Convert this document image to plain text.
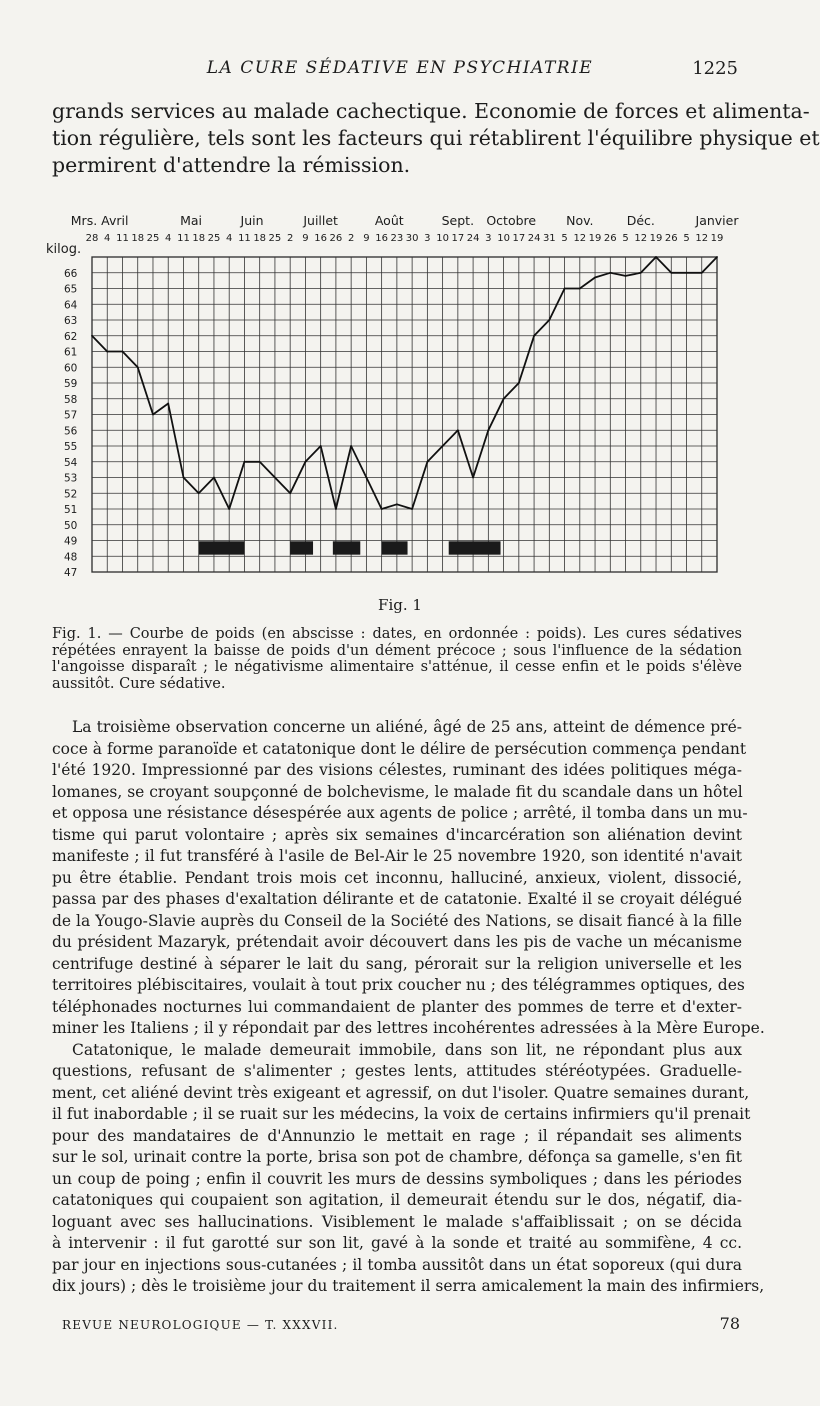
LA CURE SÉDATIVE EN PSYCHIATRIE	1225

grands services au malade cachectique. Economie de forces et alimenta-
tion régulière, tels sont les facteurs qui rétablirent l'équilibre physique et
permirent d'attendre la rémission.

Mrs. Avril	Mai	Juin	Juillet	Août	Sept. Octobre Nov.	Déc.	Janvier
28 4 11 18 25 4 11 18 25 4 11 18 25 2 9 16 26 2 9 16 23 30 3 10 17 24 3 10 17 24 31 5 12 19 26 5 12 19 26 5 12 19
kilog.
66
65
64
63
62
61
60
59
58
57
56
55
54
53
52
51
50
49
48
47
Fig. 1

Fig. 1. — Courbe de poids (en abscisse : dates, en ordonnée : poids). Les cures sédatives répétées enrayent la baisse de poids d'un dément précoce ; sous l'influence de la sédation l'angoisse disparaît ; le négativisme alimentaire s'atténue, il cesse enfin et le poids s'élève aussitôt. Cure sédative.

La troisième observation concerne un aliéné, âgé de 25 ans, atteint de démence pré-
coce à forme paranoïde et catatonique dont le délire de persécution commença pendant
l'été 1920. Impressionné par des visions célestes, ruminant des idées politiques méga-
lomanes, se croyant soupçonné de bolchevisme, le malade fit du scandale dans un hôtel
et opposa une résistance désespérée aux agents de police ; arrêté, il tomba dans un mu-
tisme qui parut volontaire ; après six semaines d'incarcération son aliénation devint
manifeste ; il fut transféré à l'asile de Bel-Air le 25 novembre 1920, son identité n'avait
pu être établie. Pendant trois mois cet inconnu, halluciné, anxieux, violent, dissocié,
passa par des phases d'exaltation délirante et de catatonie. Exalté il se croyait délégué
de la Yougo-Slavie auprès du Conseil de la Société des Nations, se disait fiancé à la fille
du président Mazaryk, prétendait avoir découvert dans les pis de vache un mécanisme
centrifuge destiné à séparer le lait du sang, pérorait sur la religion universelle et les
territoires plébiscitaires, voulait à tout prix coucher nu ; des télégrammes optiques, des
téléphonades nocturnes lui commandaient de planter des pommes de terre et d'exter-
miner les Italiens ; il y répondait par des lettres incohérentes adressées à la Mère Europe.
Catatonique, le malade demeurait immobile, dans son lit, ne répondant plus aux
questions, refusant de s'alimenter ; gestes lents, attitudes stéréotypées. Graduelle-
ment, cet aliéné devint très exigeant et agressif, on dut l'isoler. Quatre semaines durant,
il fut inabordable ; il se ruait sur les médecins, la voix de certains infirmiers qu'il prenait
pour des mandataires de d'Annunzio le mettait en rage ; il répandait ses aliments
sur le sol, urinait contre la porte, brisa son pot de chambre, défonça sa gamelle, s'en fit
un coup de poing ; enfin il couvrit les murs de dessins symboliques ; dans les périodes
catatoniques qui coupaient son agitation, il demeurait étendu sur le dos, négatif, dia-
loguant avec ses hallucinations. Visiblement le malade s'affaiblissait ; on se décida
à intervenir : il fut garotté sur son lit, gavé à la sonde et traité au sommifène, 4 cc.
par jour en injections sous-cutanées ; il tomba aussitôt dans un état soporeux (qui dura
dix jours) ; dès le troisième jour du traitement il serra amicalement la main des infirmiers,
REVUE NEUROLOGIQUE — T. XXXVII.	78
